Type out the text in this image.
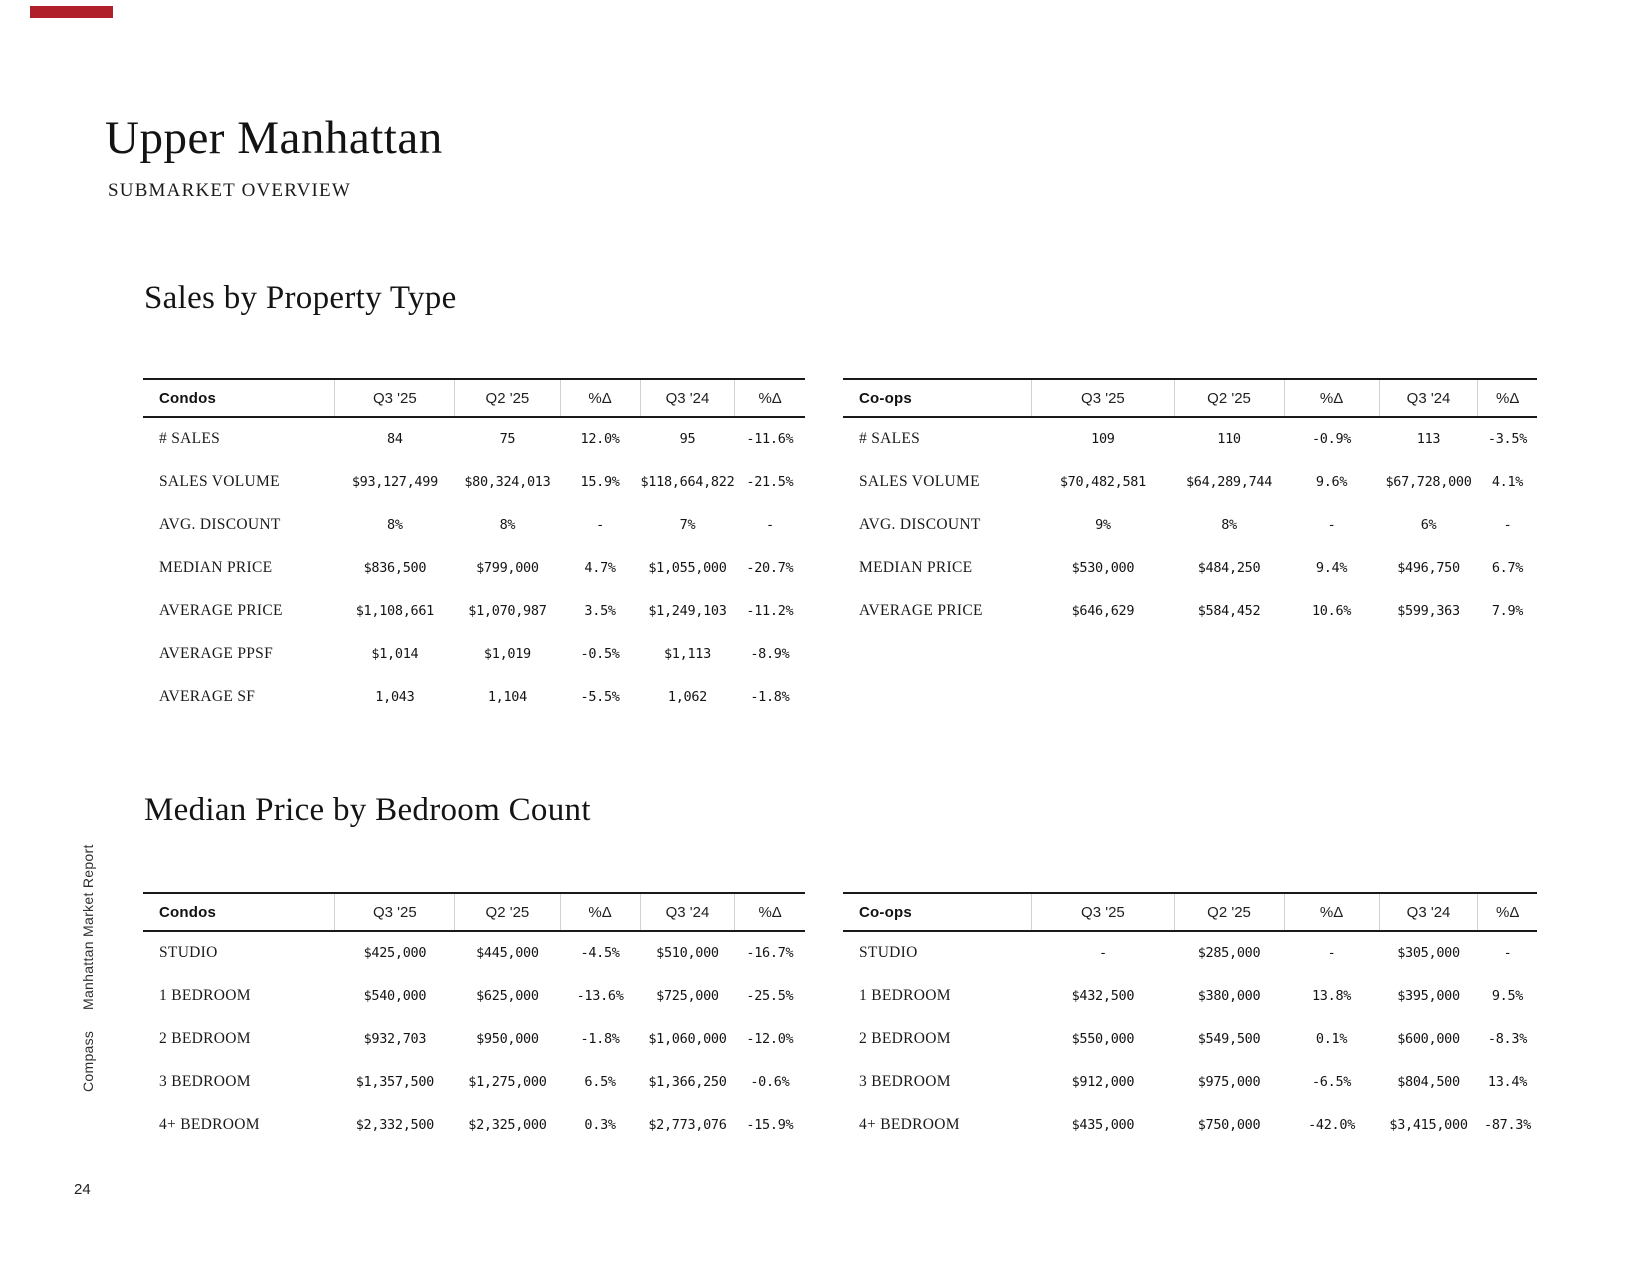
Upper Manhattan
SUBMARKET OVERVIEW
Sales by Property Type
Condos	Q3 '25	Q2 '25	%Δ	Q3 '24	%Δ
# SALES	84	75	12.0%	95	-11.6%
SALES VOLUME	$93,127,499	$80,324,013	15.9%	$118,664,822	-21.5%
AVG. DISCOUNT	8%	8%	-	7%	-
MEDIAN PRICE	$836,500	$799,000	4.7%	$1,055,000	-20.7%
AVERAGE PRICE	$1,108,661	$1,070,987	3.5%	$1,249,103	-11.2%
AVERAGE PPSF	$1,014	$1,019	-0.5%	$1,113	-8.9%
AVERAGE SF	1,043	1,104	-5.5%	1,062	-1.8%
Co-ops	Q3 '25	Q2 '25	%Δ	Q3 '24	%Δ
# SALES	109	110	-0.9%	113	-3.5%
SALES VOLUME	$70,482,581	$64,289,744	9.6%	$67,728,000	4.1%
AVG. DISCOUNT	9%	8%	-	6%	-
MEDIAN PRICE	$530,000	$484,250	9.4%	$496,750	6.7%
AVERAGE PRICE	$646,629	$584,452	10.6%	$599,363	7.9%
Median Price by Bedroom Count
Condos	Q3 '25	Q2 '25	%Δ	Q3 '24	%Δ
STUDIO	$425,000	$445,000	-4.5%	$510,000	-16.7%
1 BEDROOM	$540,000	$625,000	-13.6%	$725,000	-25.5%
2 BEDROOM	$932,703	$950,000	-1.8%	$1,060,000	-12.0%
3 BEDROOM	$1,357,500	$1,275,000	6.5%	$1,366,250	-0.6%
4+ BEDROOM	$2,332,500	$2,325,000	0.3%	$2,773,076	-15.9%
Co-ops	Q3 '25	Q2 '25	%Δ	Q3 '24	%Δ
STUDIO	-	$285,000	-	$305,000	-
1 BEDROOM	$432,500	$380,000	13.8%	$395,000	9.5%
2 BEDROOM	$550,000	$549,500	0.1%	$600,000	-8.3%
3 BEDROOM	$912,000	$975,000	-6.5%	$804,500	13.4%
4+ BEDROOM	$435,000	$750,000	-42.0%	$3,415,000	-87.3%
Manhattan Market Report
Compass
24
